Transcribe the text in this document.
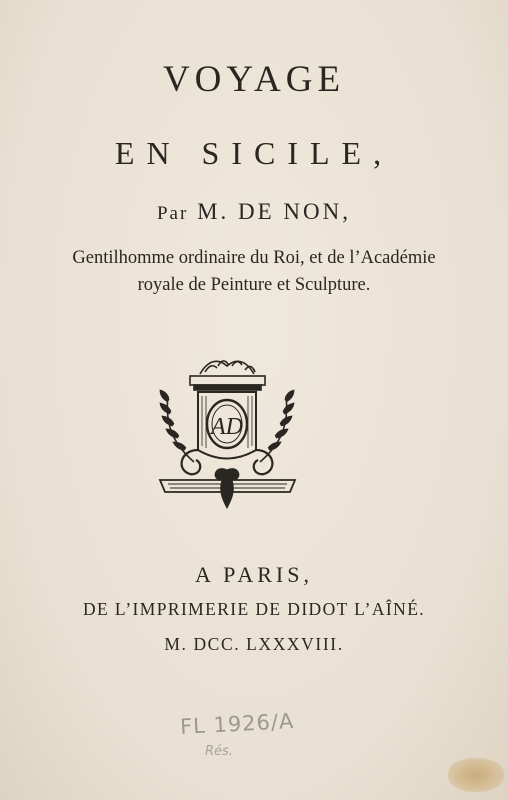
VOYAGE
EN SICILE,
Par M. DE NON,
Gentilhomme ordinaire du Roi, et de l’Académie
royale de Peinture et Sculpture.
AD
A PARIS,
DE L’IMPRIMERIE DE DIDOT L’AÎNÉ.
M. DCC. LXXXVIII.
FL 1926/A
Rés.
